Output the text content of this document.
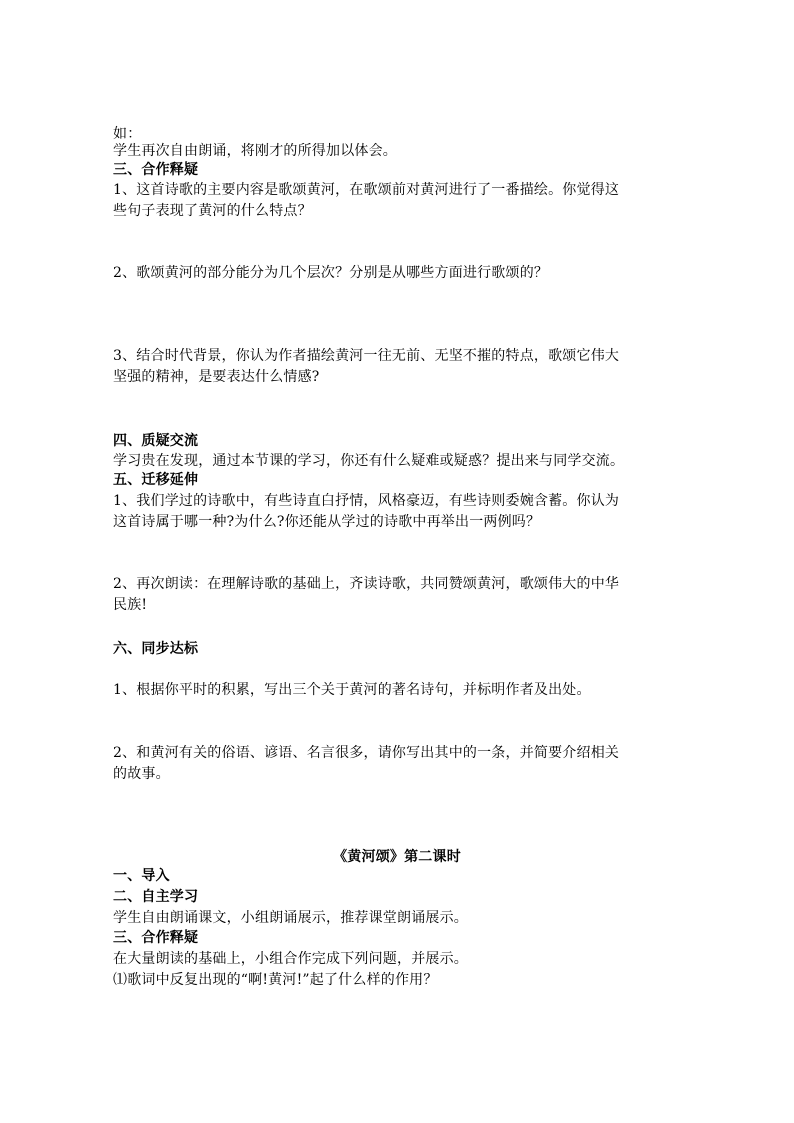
如：
学生再次自由朗诵，将刚才的所得加以体会。
三、合作释疑
1、这首诗歌的主要内容是歌颂黄河，在歌颂前对黄河进行了一番描绘。你觉得这
些句子表现了黄河的什么特点？
2、歌颂黄河的部分能分为几个层次？分别是从哪些方面进行歌颂的？
3、结合时代背景，你认为作者描绘黄河一往无前、无坚不摧的特点，歌颂它伟大
坚强的精神，是要表达什么情感?
四、质疑交流
学习贵在发现，通过本节课的学习，你还有什么疑难或疑惑？提出来与同学交流。
五、迁移延伸
1、我们学过的诗歌中，有些诗直白抒情，风格豪迈，有些诗则委婉含蓄。你认为
这首诗属于哪一种?为什么?你还能从学过的诗歌中再举出一两例吗？
2、再次朗读：在理解诗歌的基础上，齐读诗歌，共同赞颂黄河，歌颂伟大的中华
民族!
六、同步达标
1、根据你平时的积累，写出三个关于黄河的著名诗句，并标明作者及出处。
2、和黄河有关的俗语、谚语、名言很多，请你写出其中的一条，并简要介绍相关
的故事。
《黄河颂》第二课时
一、导入
二、自主学习
学生自由朗诵课文，小组朗诵展示，推荐课堂朗诵展示。
三、合作释疑
在大量朗读的基础上，小组合作完成下列问题，并展示。
⑴歌词中反复出现的“啊!黄河!”起了什么样的作用？
